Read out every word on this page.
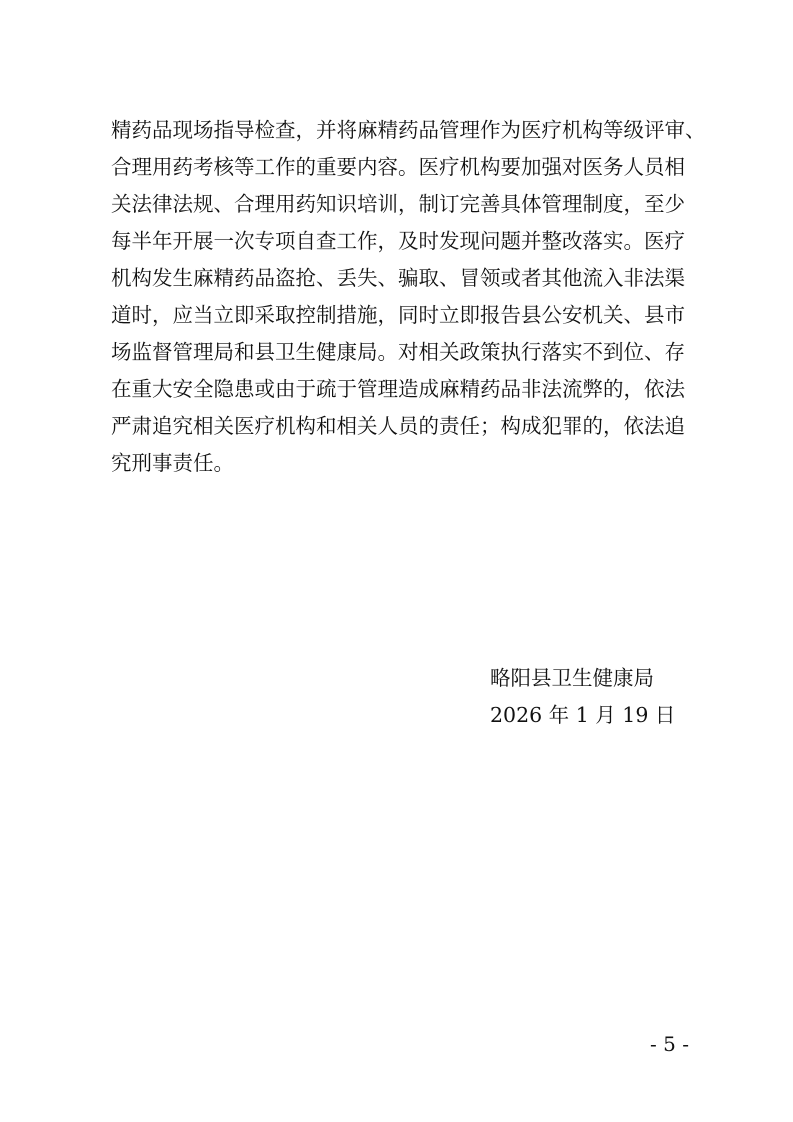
精药品现场指导检查，并将麻精药品管理作为医疗机构等级评审、
合理用药考核等工作的重要内容。医疗机构要加强对医务人员相
关法律法规、合理用药知识培训，制订完善具体管理制度，至少
每半年开展一次专项自查工作，及时发现问题并整改落实。医疗
机构发生麻精药品盗抢、丢失、骗取、冒领或者其他流入非法渠
道时，应当立即采取控制措施，同时立即报告县公安机关、县市
场监督管理局和县卫生健康局。对相关政策执行落实不到位、存
在重大安全隐患或由于疏于管理造成麻精药品非法流弊的，依法
严肃追究相关医疗机构和相关人员的责任；构成犯罪的，依法追
究刑事责任。
略阳县卫生健康局
2026 年 1 月 19 日
- 5 -
